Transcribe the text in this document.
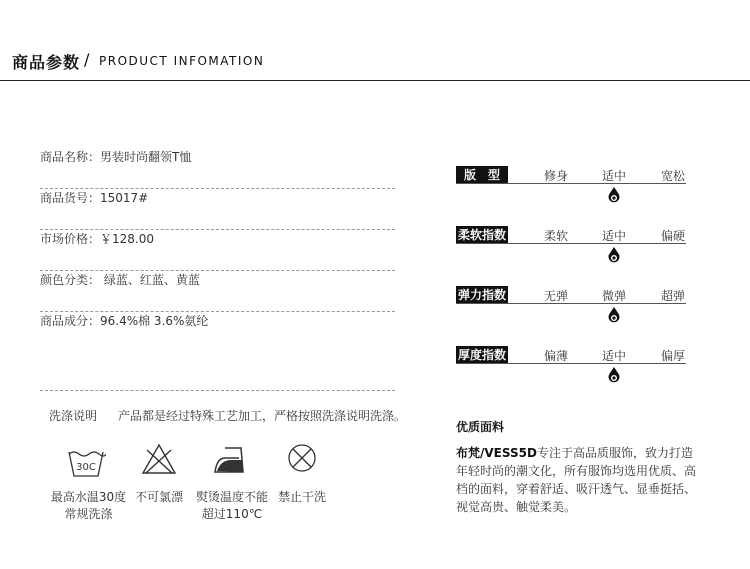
商品参数 / PRODUCT INFOMATION
商品名称：男装时尚翻领T恤
商品货号：15017#
市场价格：￥128.00
颜色分类： 绿蓝、红蓝、黄蓝
商品成分：96.4%棉 3.6%氨纶
版　型	修身	适中	宽松
柔软指数	柔软	适中	偏硬
弹力指数	无弹	微弹	超弹
厚度指数	偏薄	适中	偏厚
洗涤说明 产品都是经过特殊工艺加工，严格按照洗涤说明洗涤。
30C
最高水温30度
常规洗涤
不可氯漂	熨烫温度不能
超过110℃
禁止干洗
优质面料
布梵/VESS5D专注于高品质服饰，致力打造年轻时尚的潮文化，所有服饰均选用优质、高档的面料，穿着舒适、吸汗透气、显垂挺括、视觉高贵、触觉柔美。
